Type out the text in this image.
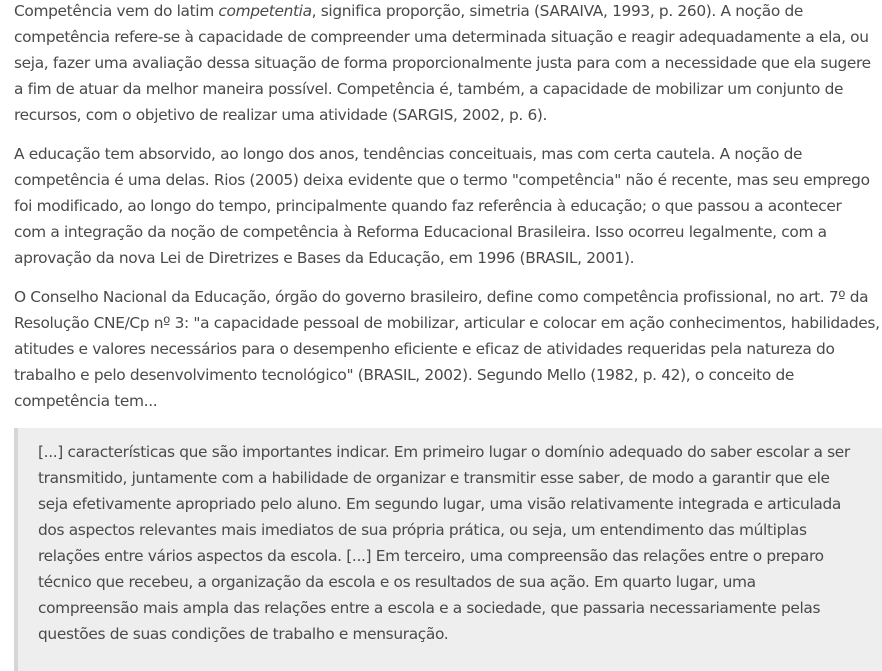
Competência vem do latim competentia, significa proporção, simetria (SARAIVA, 1993, p. 260). A noção de
competência refere-se à capacidade de compreender uma determinada situação e reagir adequadamente a ela, ou
seja, fazer uma avaliação dessa situação de forma proporcionalmente justa para com a necessidade que ela sugere
a fim de atuar da melhor maneira possível. Competência é, também, a capacidade de mobilizar um conjunto de
recursos, com o objetivo de realizar uma atividade (SARGIS, 2002, p. 6).

A educação tem absorvido, ao longo dos anos, tendências conceituais, mas com certa cautela. A noção de
competência é uma delas. Rios (2005) deixa evidente que o termo "competência" não é recente, mas seu emprego
foi modificado, ao longo do tempo, principalmente quando faz referência à educação; o que passou a acontecer
com a integração da noção de competência à Reforma Educacional Brasileira. Isso ocorreu legalmente, com a
aprovação da nova Lei de Diretrizes e Bases da Educação, em 1996 (BRASIL, 2001).

O Conselho Nacional da Educação, órgão do governo brasileiro, define como competência profissional, no art. 7º da
Resolução CNE/Cp nº 3: "a capacidade pessoal de mobilizar, articular e colocar em ação conhecimentos, habilidades,
atitudes e valores necessários para o desempenho eficiente e eficaz de atividades requeridas pela natureza do
trabalho e pelo desenvolvimento tecnológico" (BRASIL, 2002). Segundo Mello (1982, p. 42), o conceito de
competência tem...

[...] características que são importantes indicar. Em primeiro lugar o domínio adequado do saber escolar a ser
transmitido, juntamente com a habilidade de organizar e transmitir esse saber, de modo a garantir que ele
seja efetivamente apropriado pelo aluno. Em segundo lugar, uma visão relativamente integrada e articulada
dos aspectos relevantes mais imediatos de sua própria prática, ou seja, um entendimento das múltiplas
relações entre vários aspectos da escola. [...] Em terceiro, uma compreensão das relações entre o preparo
técnico que recebeu, a organização da escola e os resultados de sua ação. Em quarto lugar, uma
compreensão mais ampla das relações entre a escola e a sociedade, que passaria necessariamente pelas
questões de suas condições de trabalho e mensuração.
